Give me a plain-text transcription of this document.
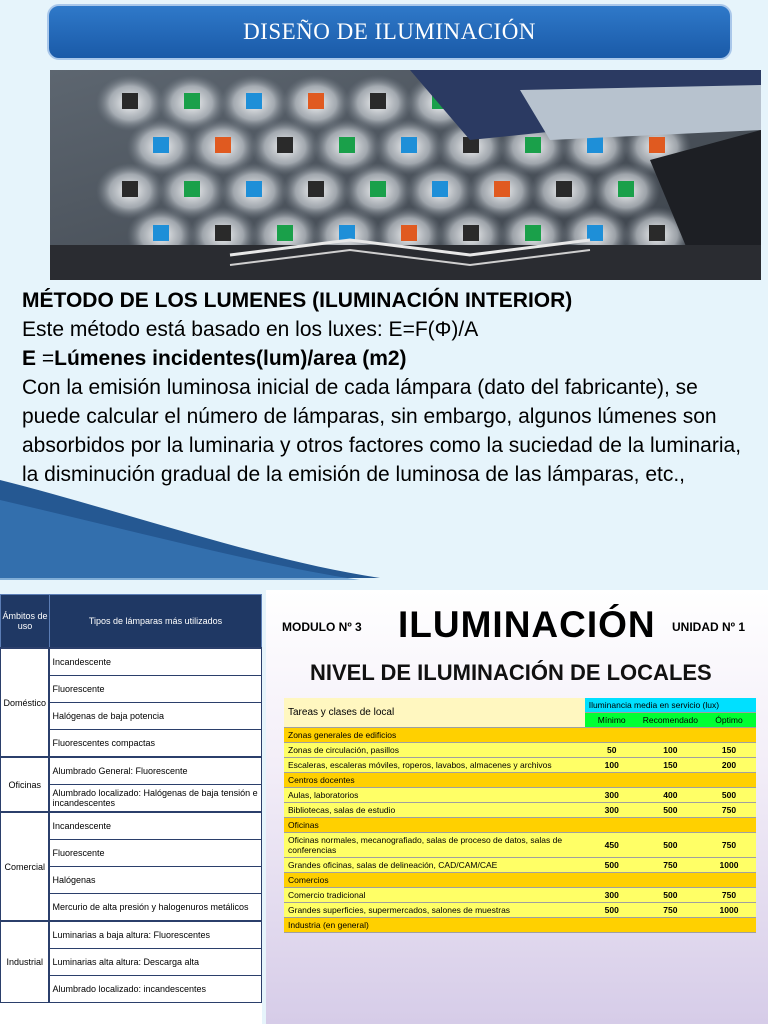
DISEÑO DE ILUMINACIÓN
MÉTODO DE LOS LUMENES (ILUMINACIÓN INTERIOR)
Este método está basado en los luxes: E=F(Φ)/A
E =Lúmenes incidentes(lum)/area (m2)

Con la emisión luminosa inicial de cada lámpara (dato del fabricante), se puede calcular el número de lámparas, sin embargo, algunos lúmenes son absorbidos por la luminaria y otros factores como la suciedad de la luminaria, la disminución gradual de la emisión de luminosa de las lámparas, etc.,

Ámbitos de uso	Tipos de lámparas más utilizados
Doméstico	Incandescente
	Fluorescente
	Halógenas de baja potencia
	Fluorescentes compactas
Oficinas	Alumbrado General: Fluorescente
	Alumbrado localizado: Halógenas de baja tensión e incandescentes
Comercial	Incandescente
	Fluorescente
	Halógenas
	Mercurio de alta presión y halogenuros metálicos
Industrial	Luminarias a baja altura: Fluorescentes
	Luminarias alta altura: Descarga alta
	Alumbrado localizado: incandescentes
MODULO Nº 3 ILUMINACIÓN UNIDAD Nº 1
NIVEL DE ILUMINACIÓN DE LOCALES
Tareas y clases de local	Iluminancia media en servicio (lux)		
	Mínimo	Recomendado	Óptimo
Zonas generales de edificios			
Zonas de circulación, pasillos	50	100	150
Escaleras, escaleras móviles, roperos, lavabos, almacenes y archivos	100	150	200
Centros docentes			
Aulas, laboratorios	300	400	500
Bibliotecas, salas de estudio	300	500	750
Oficinas			
Oficinas normales, mecanografiado, salas de proceso de datos, salas de conferencias	450	500	750
Grandes oficinas, salas de delineación, CAD/CAM/CAE	500	750	1000
Comercios			
Comercio tradicional	300	500	750
Grandes superficies, supermercados, salones de muestras	500	750	1000
Industria (en general)			
